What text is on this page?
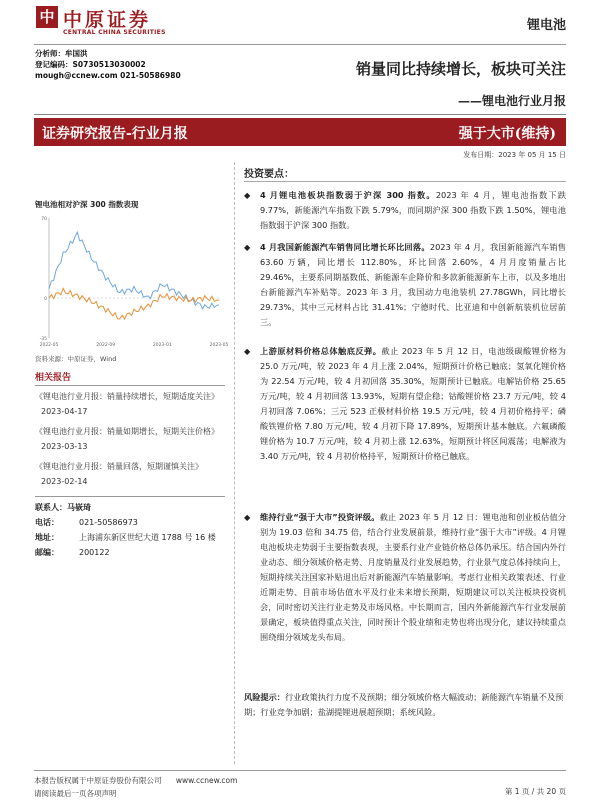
中 中原证券
CENTRAL CHINA SECURITIES	锂电池
分析师：牟国洪
登记编码：S0730513030002
mough@ccnew.com 021-50586980	销量同比持续增长，板块可关注
——锂电池行业月报
证券研究报告-行业月报	强于大市(维持)
发布日期：2023 年 05 月 15 日
锂电池相对沪深 300 指数表现
-35
0
70
2022-05	2022-09	2023-01	2023-05
资料来源：中原证券，Wind
相关报告
《锂电池行业月报：销量持续增长，短期适度关注》 2023-04-17
《锂电池行业月报：销量如期增长，短期关注价格》 2023-03-13
《锂电池行业月报：销量回落，短期谨慎关注》 2023-02-14
联系人： 马嵚琦
电话：	021-50586973
地址：	上海浦东新区世纪大道 1788 号 16 楼
邮编：	200122
投资要点：
◆	4 月锂电池板块指数弱于沪深 300 指数。2023 年 4 月，锂电池指数下跌 9.77%，新能源汽车指数下跌 5.79%，而同期沪深 300 指数下跌 1.50%，锂电池指数弱于沪深 300 指数。
◆	4 月我国新能源汽车销售同比增长环比回落。2023 年 4 月，我国新能源汽车销售 63.60 万辆，同比增长 112.80%，环比回落 2.60%，4 月月度销量占比 29.46%，主要系同期基数低、新能源车企降价和多款新能源新车上市，以及多地出台新能源汽车补贴等。2023 年 3 月，我国动力电池装机 27.78GWh，同比增长 29.73%，其中三元材料占比 31.41%；宁德时代、比亚迪和中创新航装机位居前三。
◆	上游原材料价格总体触底反弹。截止 2023 年 5 月 12 日，电池级碳酸锂价格为 25.0 万元/吨，较 2023 年 4 月上涨 2.04%，短期预计价格已触底；氢氧化锂价格为 22.54 万元/吨，较 4 月初回落 35.30%，短期预计已触底。电解钴价格 25.65 万元/吨，较 4 月初回落 13.93%，短期有望企稳；钴酸锂价格 23.7 万元/吨，较 4 月初回落 7.06%；三元 523 正极材料价格 19.5 万元/吨，较 4 月初价格持平；磷酸铁锂价格 7.80 万元/吨，较 4 月初下降 17.89%，短期预计基本触底。六氟磷酸锂价格为 10.7 万元/吨，较 4 月初上涨 12.63%，短期预计将区间震荡；电解液为 3.40 万元/吨，较 4 月初价格持平，短期预计价格已触底。
◆	维持行业“强于大市”投资评级。截止 2023 年 5 月 12 日：锂电池和创业板估值分别为 19.03 倍和 34.75 倍，结合行业发展前景，维持行业“强于大市”评级。4 月锂电池板块走势弱于主要指数表现，主要系行业产业链价格总体仍承压。结合国内外行业动态、细分领域价格走势、月度销量及行业发展趋势，行业景气度总体持续向上，短期持续关注国家补贴退出后对新能源汽车销量影响。考虑行业相关政策表述、行业近期走势、目前市场估值水平及行业未来增长预期，短期建议可以关注板块投资机会，同时密切关注行业走势及市场风格。中长期而言，国内外新能源汽车行业发展前景确定，板块值得重点关注，同时预计个股业绩和走势也将出现分化，建议持续重点围绕细分领域龙头布局。
风险提示：行业政策执行力度不及预期；细分领域价格大幅波动；新能源汽车销量不及预期；行业竞争加剧；盐湖提锂进展超预期；系统风险。
本报告版权属于中原证券股份有限公司 www.ccnew.com
请阅读最后一页各项声明	第 1 页 / 共 20 页
